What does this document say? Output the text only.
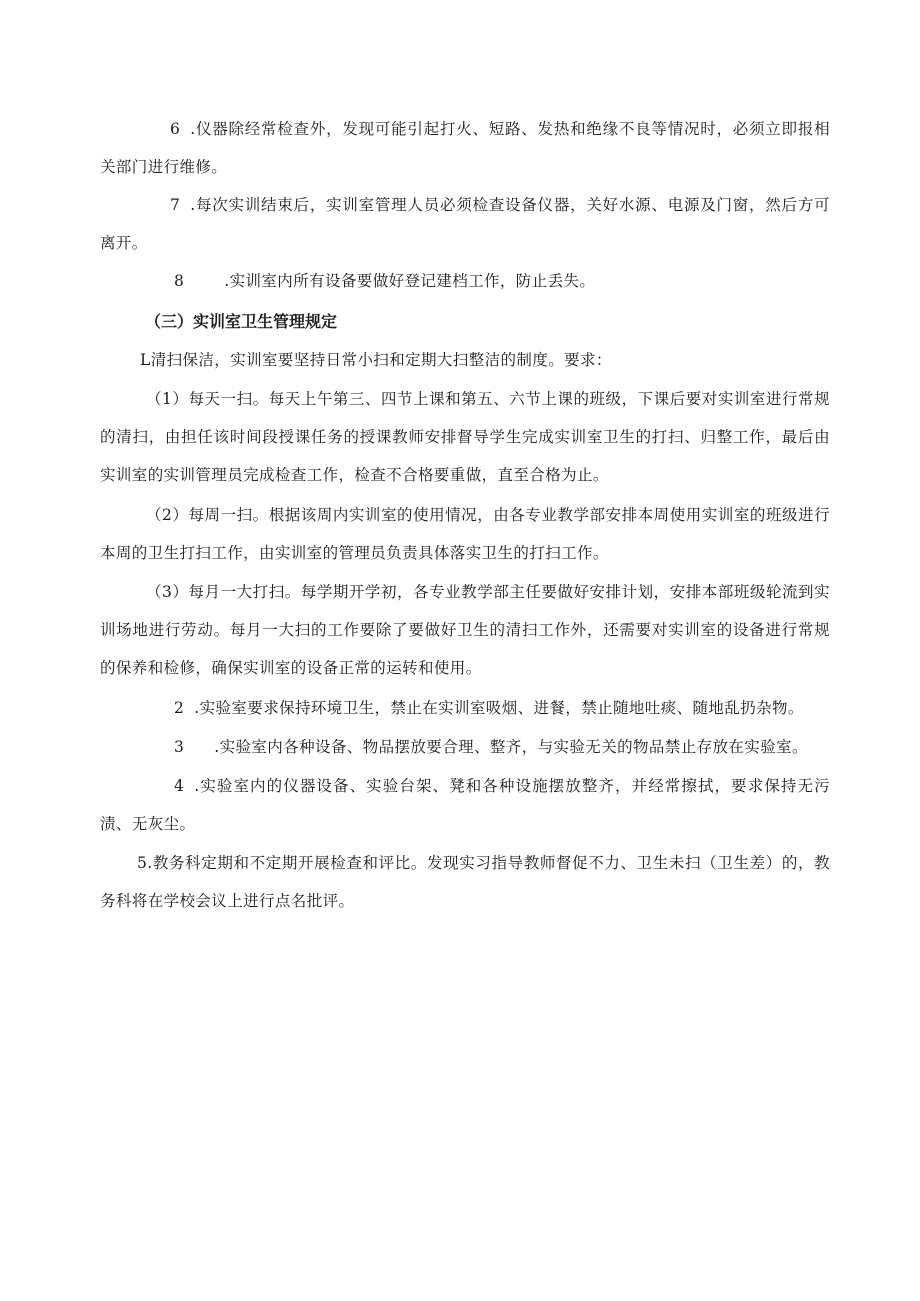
6 .仪器除经常检查外，发现可能引起打火、短路、发热和绝缘不良等情况时，必须立即报相关部门进行维修。

7 .每次实训结束后，实训室管理人员必须检查设备仪器，关好水源、电源及门窗，然后方可离开。

8	.实训室内所有设备要做好登记建档工作，防止丢失。

（三）实训室卫生管理规定

L清扫保洁，实训室要坚持日常小扫和定期大扫整洁的制度。要求：

（1）每天一扫。每天上午第三、四节上课和第五、六节上课的班级，下课后要对实训室进行常规的清扫，由担任该时间段授课任务的授课教师安排督导学生完成实训室卫生的打扫、归整工作，最后由实训室的实训管理员完成检查工作，检查不合格要重做，直至合格为止。

（2）每周一扫。根据该周内实训室的使用情况，由各专业教学部安排本周使用实训室的班级进行本周的卫生打扫工作，由实训室的管理员负责具体落实卫生的打扫工作。

（3）每月一大打扫。每学期开学初，各专业教学部主任要做好安排计划，安排本部班级轮流到实训场地进行劳动。每月一大扫的工作要除了要做好卫生的清扫工作外，还需要对实训室的设备进行常规的保养和检修，确保实训室的设备正常的运转和使用。

2 .实验室要求保持环境卫生，禁止在实训室吸烟、进餐，禁止随地吐痰、随地乱扔杂物。

3 .实验室内各种设备、物品摆放要合理、整齐，与实验无关的物品禁止存放在实验室。

4 .实验室内的仪器设备、实验台架、凳和各种设施摆放整齐，并经常擦拭，要求保持无污渍、无灰尘。

5.教务科定期和不定期开展检查和评比。发现实习指导教师督促不力、卫生未扫（卫生差）的，教务科将在学校会议上进行点名批评。
